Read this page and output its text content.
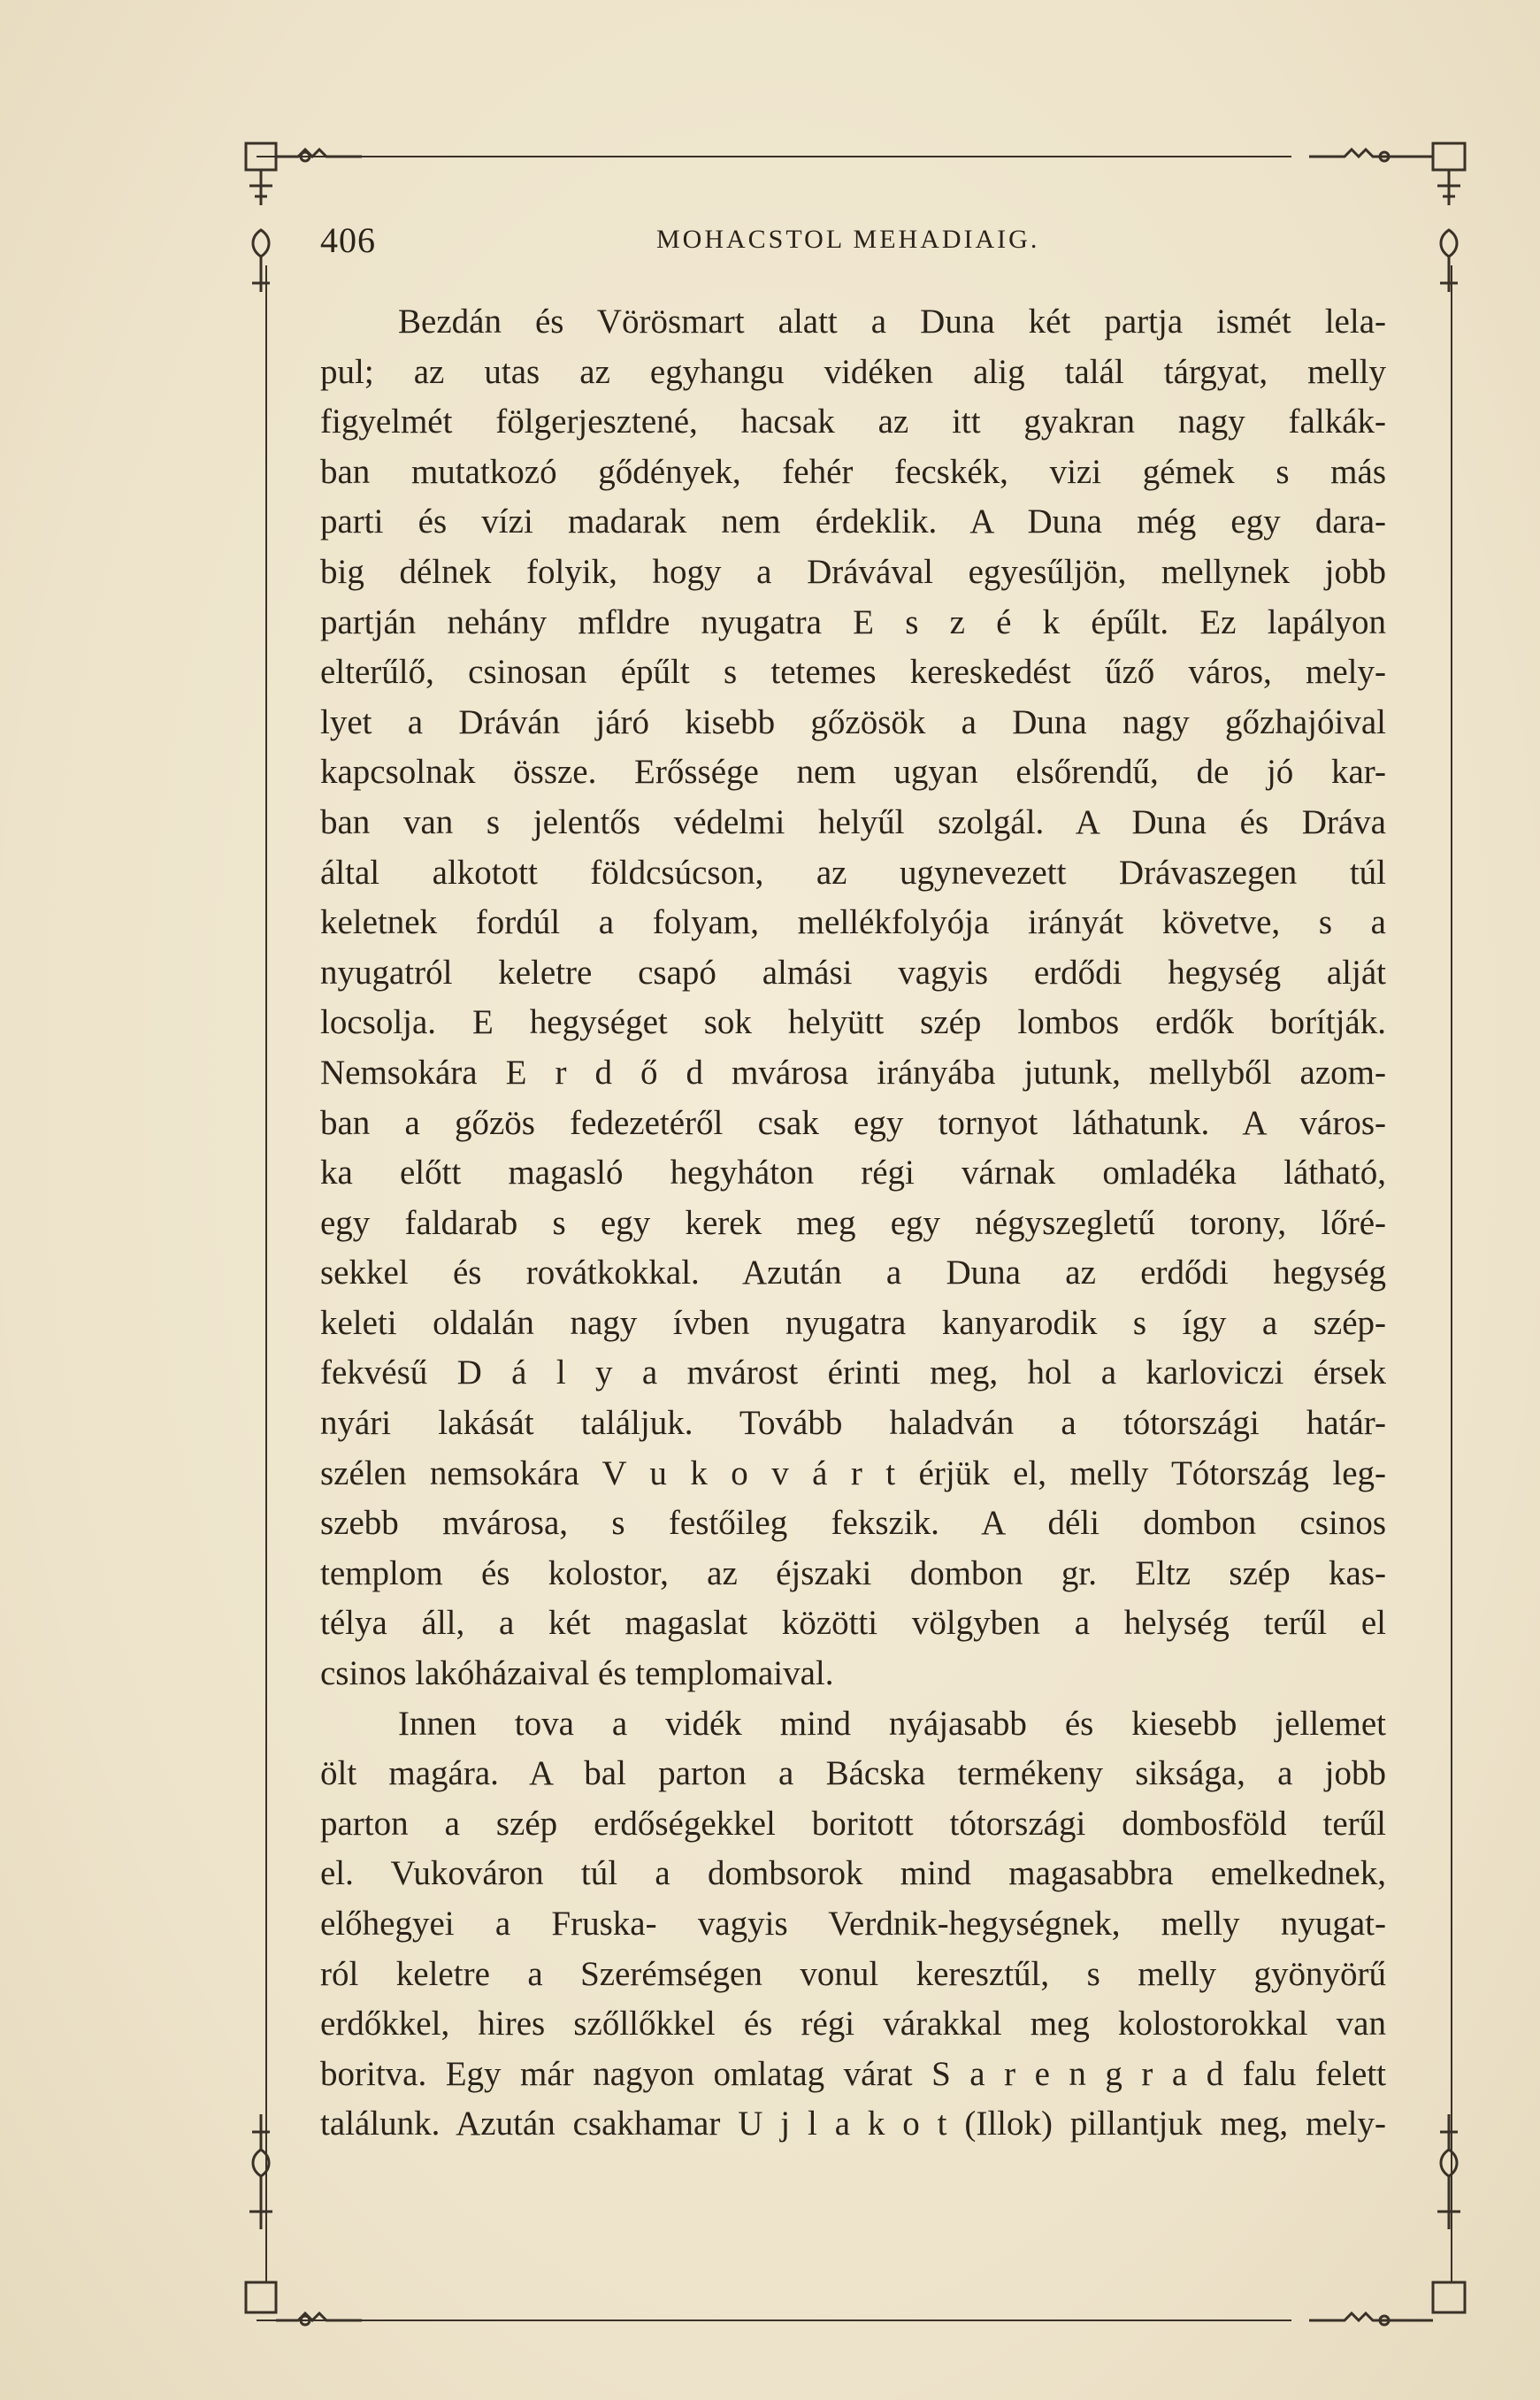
406	MOHACSTOL MEHADIAIG.

Bezdán és Vörösmart alatt a Duna két partja ismét lela-
pul; az utas az egyhangu vidéken alig talál tárgyat, melly
figyelmét fölgerjesztené, hacsak az itt gyakran nagy falkák-
ban mutatkozó gődények, fehér fecskék, vizi gémek s más
parti és vízi madarak nem érdeklik. A Duna még egy dara-
big délnek folyik, hogy a Drávával egyesűljön, mellynek jobb
partján nehány mfldre nyugatra E s z é k épűlt. Ez lapályon
elterűlő, csinosan épűlt s tetemes kereskedést űző város, mely-
lyet a Dráván járó kisebb gőzösök a Duna nagy gőzhajóival
kapcsolnak össze. Erőssége nem ugyan elsőrendű, de jó kar-
ban van s jelentős védelmi helyűl szolgál. A Duna és Dráva
által alkotott földcsúcson, az ugynevezett Drávaszegen túl
keletnek fordúl a folyam, mellékfolyója irányát követve, s a
nyugatról keletre csapó almási vagyis erdődi hegység alját
locsolja. E hegységet sok helyütt szép lombos erdők borítják.
Nemsokára E r d ő d mvárosa irányába jutunk, mellyből azom-
ban a gőzös fedezetéről csak egy tornyot láthatunk. A város-
ka előtt magasló hegyháton régi várnak omladéka látható,
egy faldarab s egy kerek meg egy négyszegletű torony, lőré-
sekkel és rovátkokkal. Azután a Duna az erdődi hegység
keleti oldalán nagy ívben nyugatra kanyarodik s így a szép-
fekvésű D á l y a mvárost érinti meg, hol a karloviczi érsek
nyári lakását találjuk. Tovább haladván a tótországi határ-
szélen nemsokára V u k o v á r t érjük el, melly Tótország leg-
szebb mvárosa, s festőileg fekszik. A déli dombon csinos
templom és kolostor, az éjszaki dombon gr. Eltz szép kas-
télya áll, a két magaslat közötti völgyben a helység terűl el
csinos lakóházaival és templomaival.

Innen tova a vidék mind nyájasabb és kiesebb jellemet
ölt magára. A bal parton a Bácska termékeny sikságа, a jobb
parton a szép erdőségekkel boritott tótországi dombosföld terűl
el. Vukováron túl a dombsorok mind magasabbra emelkednek,
előhegyei a Fruska- vagyis Verdnik-hegységnek, melly nyugat-
ról keletre a Szerémségen vonul keresztűl, s melly gyönyörű
erdőkkel, hires szőllőkkel és régi várakkal meg kolostorokkal van
boritva. Egy már nagyon omlatag várat S a r e n g r a d falu felett
találunk. Azután csakhamar U j l a k o t (Illok) pillantjuk meg, mely-
